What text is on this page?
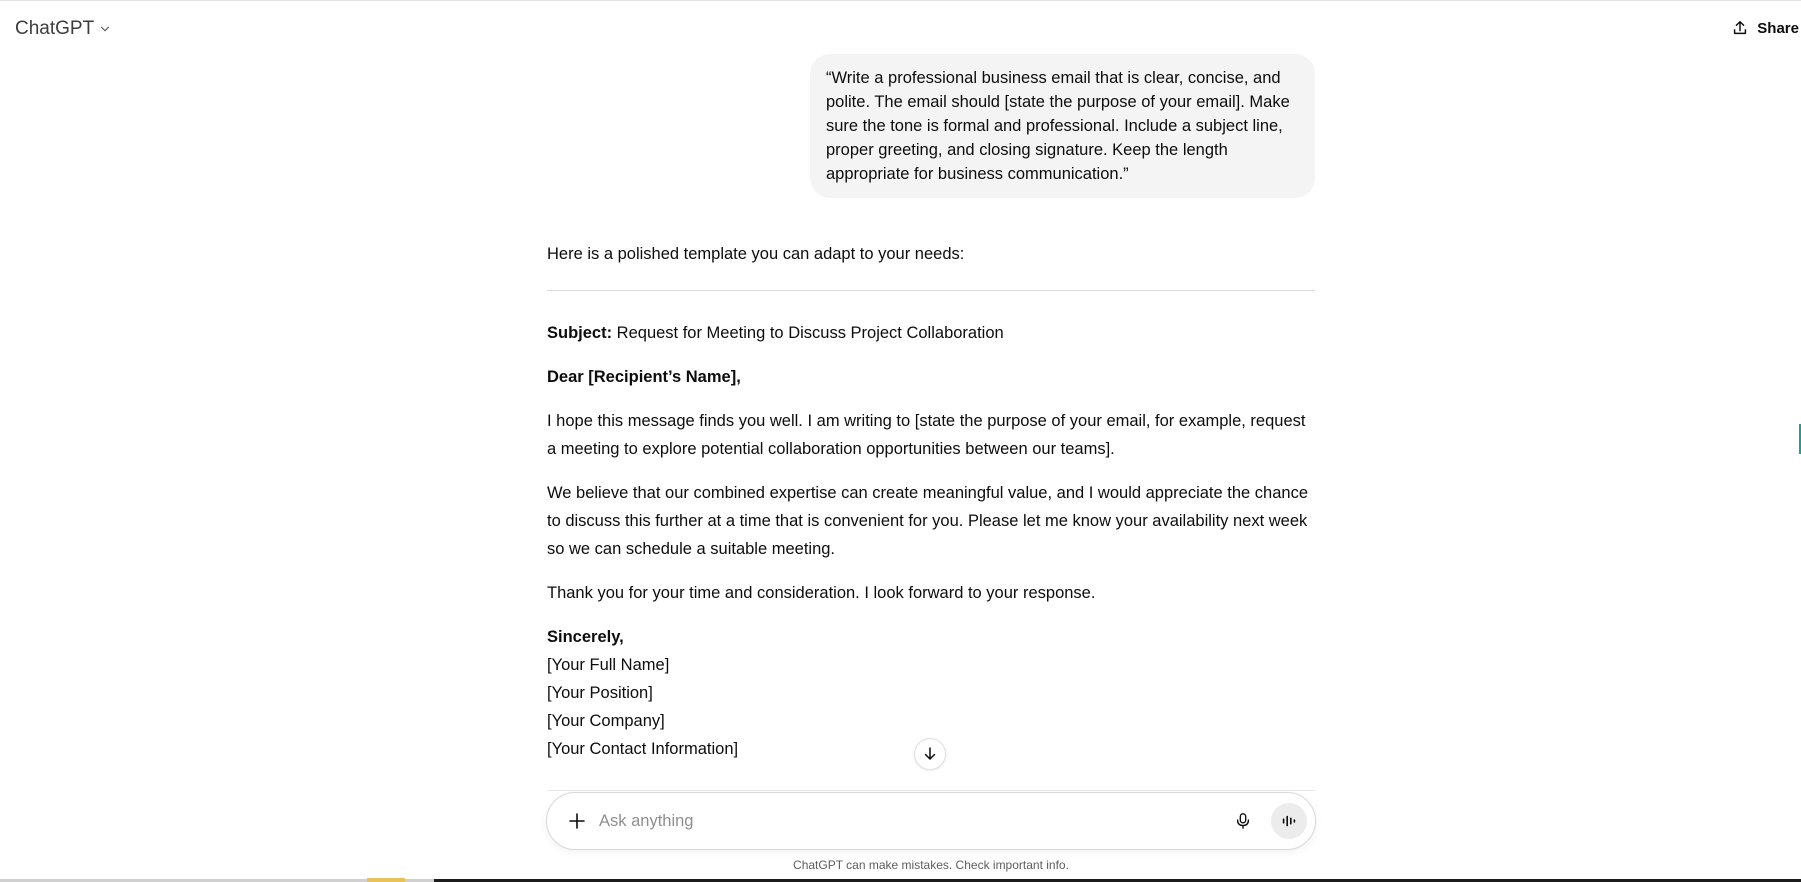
ChatGPT	Share
“Write a professional business email that is clear, concise, and polite. The email should [state the purpose of your email]. Make sure the tone is formal and professional. Include a subject line, proper greeting, and closing signature. Keep the length appropriate for business communication.”

Here is a polished template you can adapt to your needs:

Subject: Request for Meeting to Discuss Project Collaboration

Dear [Recipient’s Name],

I hope this message finds you well. I am writing to [state the purpose of your email, for example, request a meeting to explore potential collaboration opportunities between our teams].

We believe that our combined expertise can create meaningful value, and I would appreciate the chance to discuss this further at a time that is convenient for you. Please let me know your availability next week so we can schedule a suitable meeting.

Thank you for your time and consideration. I look forward to your response.

Sincerely,

[Your Full Name]

[Your Position]

[Your Company]

[Your Contact Information]

Ask anything
ChatGPT can make mistakes. Check important info.
